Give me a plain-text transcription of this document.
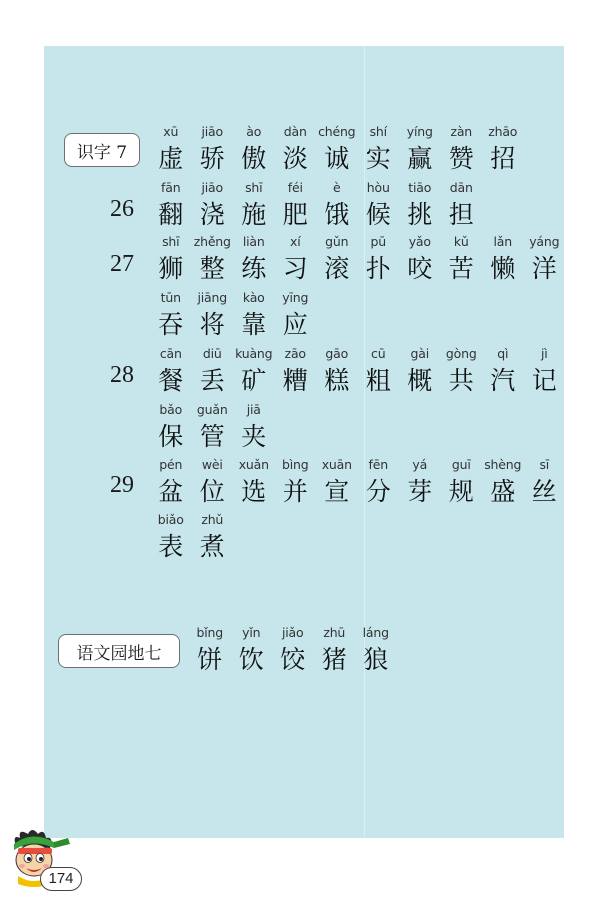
识字 7
26
27
28
29
语文园地七
xū
虚
jiāo
骄
ào
傲
dàn
淡
chéng
诚
shí
实
yíng
赢
zàn
赞
zhāo
招
fān
翻
jiāo
浇
shī
施
féi
肥
è
饿
hòu
候
tiāo
挑
dān
担
shī
狮
zhěng
整
liàn
练
xí
习
gǔn
滚
pū
扑
yǎo
咬
kǔ
苦
lǎn
懒
yáng
洋
tūn
吞
jiāng
将
kào
靠
yīng
应
cān
餐
diū
丢
kuàng
矿
zāo
糟
gāo
糕
cū
粗
gài
概
gòng
共
qì
汽
jì
记
bǎo
保
guǎn
管
jiā
夹
pén
盆
wèi
位
xuǎn
选
bìng
并
xuān
宣
fēn
分
yá
芽
guī
规
shèng
盛
sī
丝
biǎo
表
zhǔ
煮
bǐng
饼
yǐn
饮
jiǎo
饺
zhū
猪
láng
狼
174
